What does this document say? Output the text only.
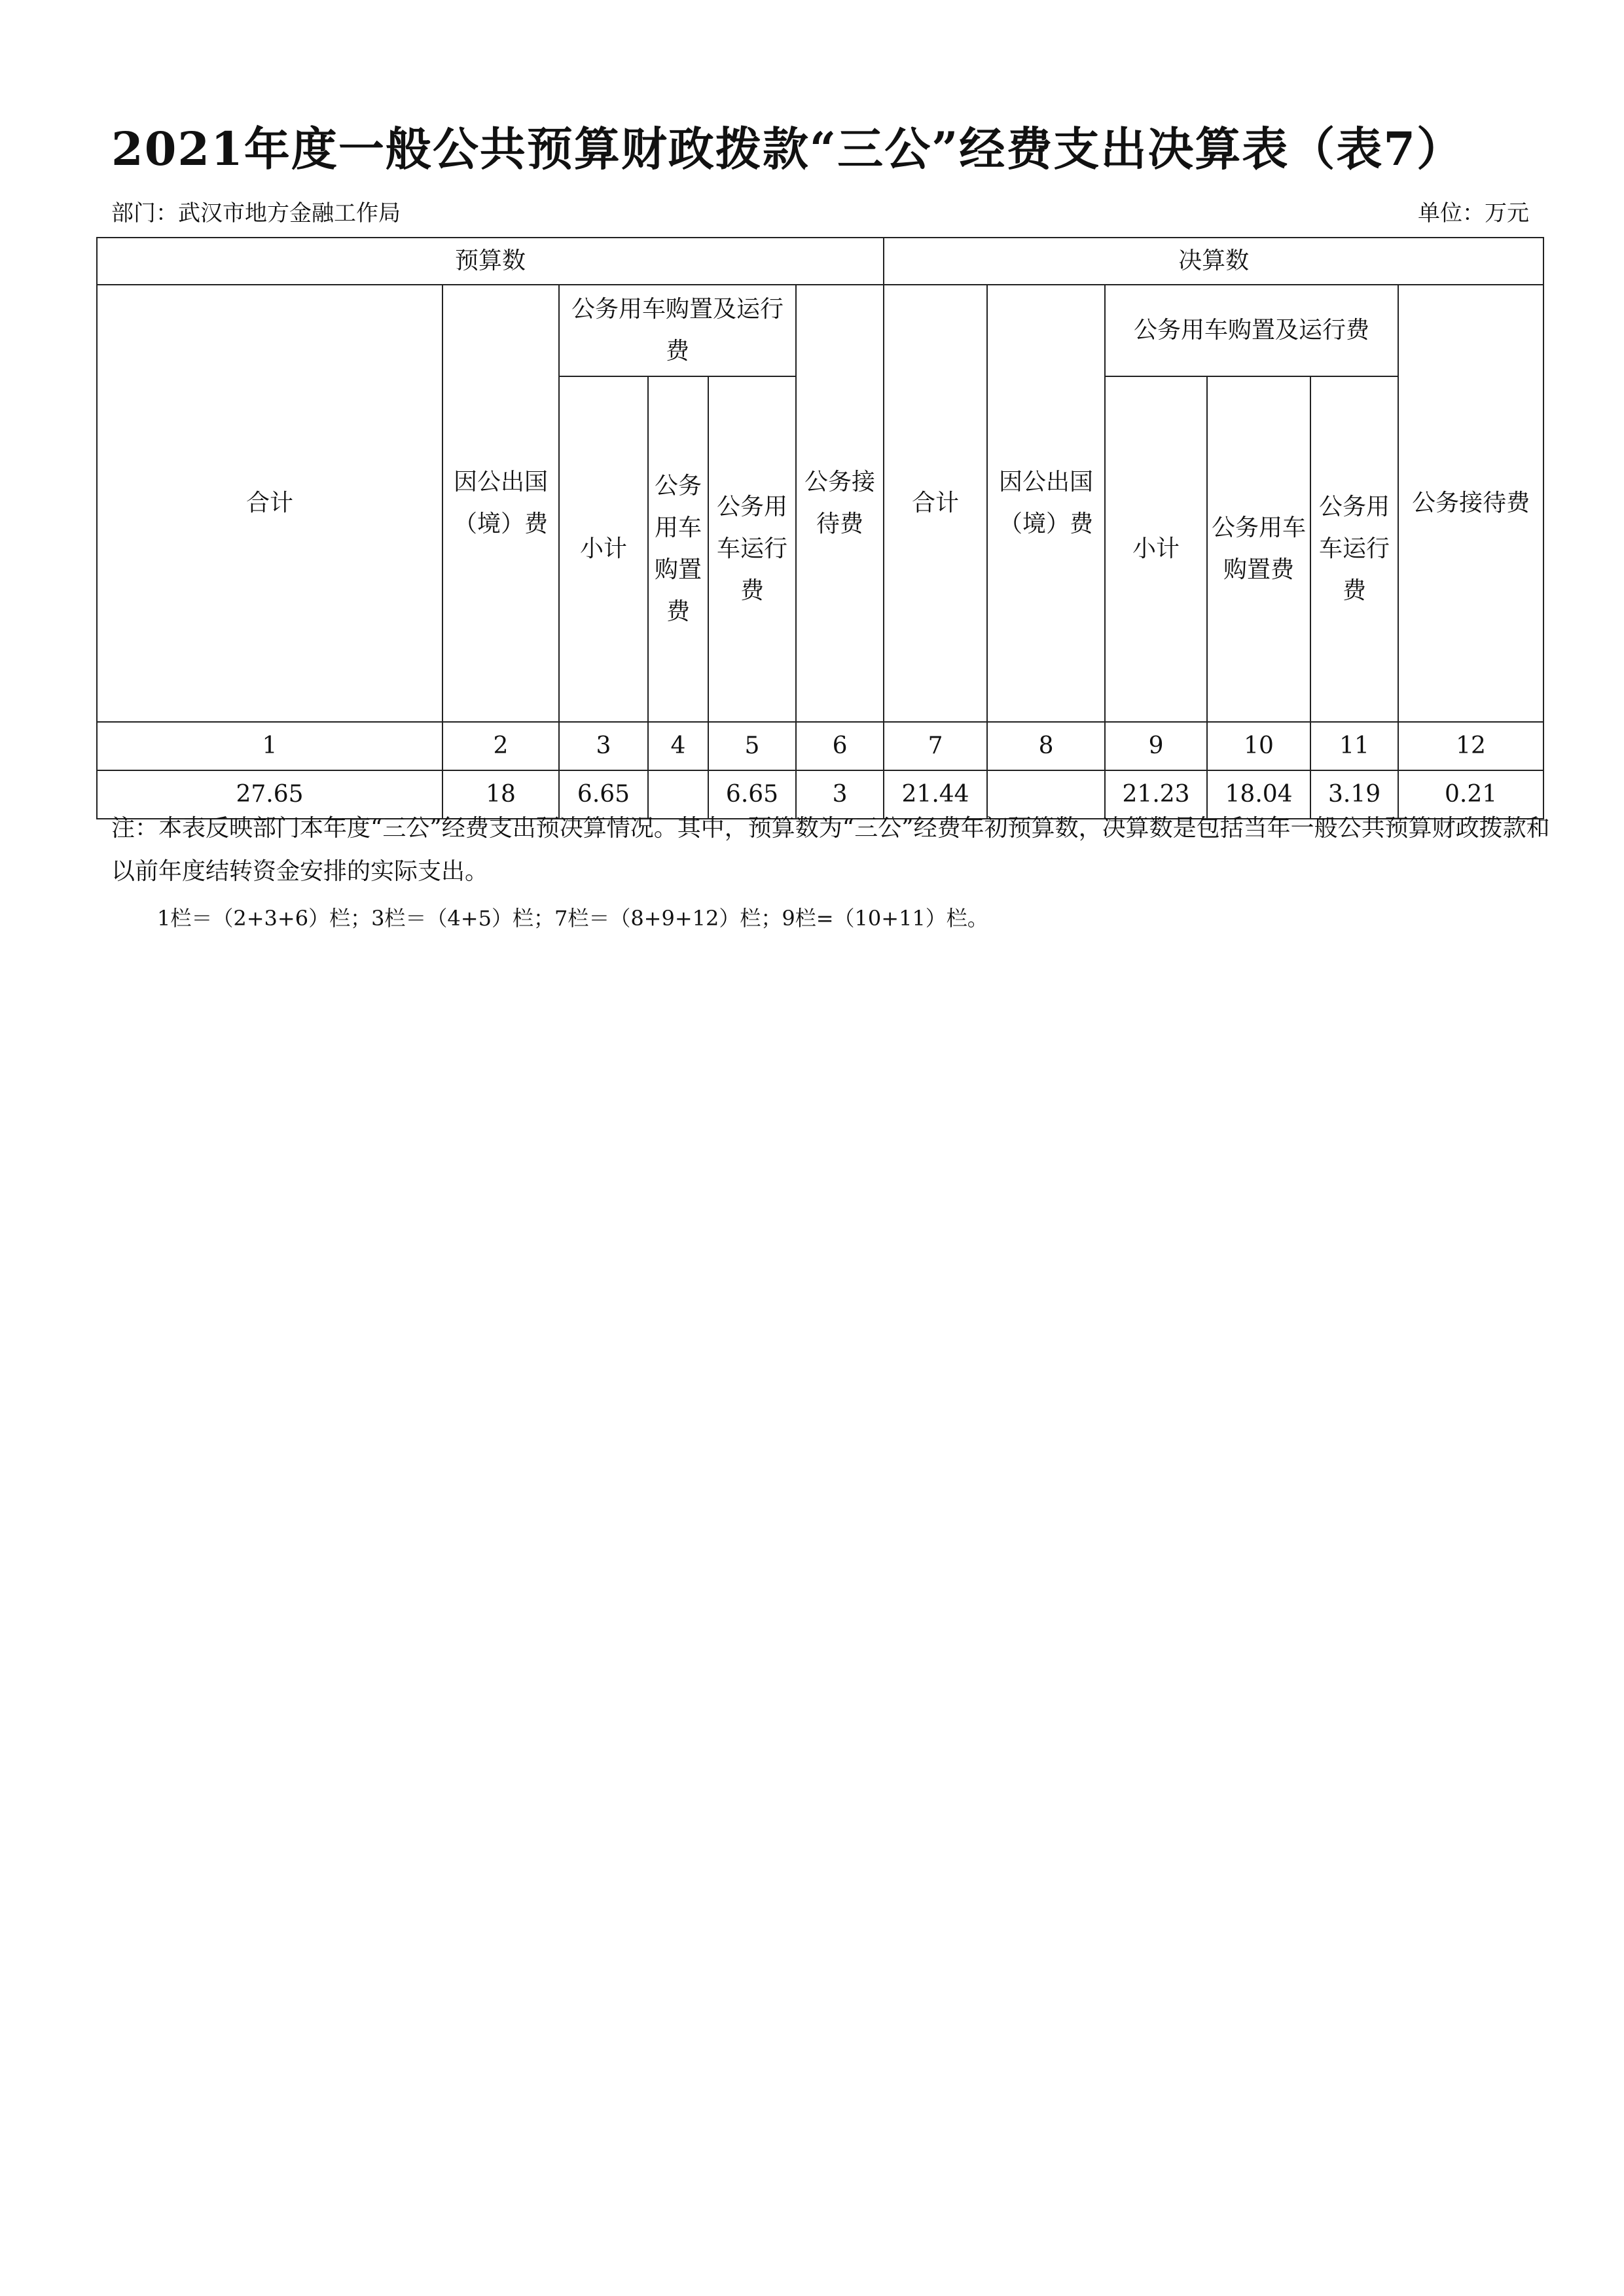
2021年度一般公共预算财政拨款“三公”经费支出决算表（表7）
部门：武汉市地方金融工作局	单位：万元
预算数						决算数					
合计	因公出国（境）费	公务用车购置及运行费			公务接待费	合计	因公出国（境）费	公务用车购置及运行费			公务接待费
		小计	公务用车购置费	公务用车运行费				小计	公务用车购置费	公务用车运行费	
1	2	3	4	5	6	7	8	9	10	11	12
27.65	18	6.65		6.65	3	21.44		21.23	18.04	3.19	0.21
注：本表反映部门本年度“三公”经费支出预决算情况。其中，预算数为“三公”经费年初预算数，决算数是包括当年一般公共预算财政拨款和以前年度结转资金安排的实际支出。
1栏＝（2+3+6）栏；3栏＝（4+5）栏；7栏＝（8+9+12）栏；9栏=（10+11）栏。
